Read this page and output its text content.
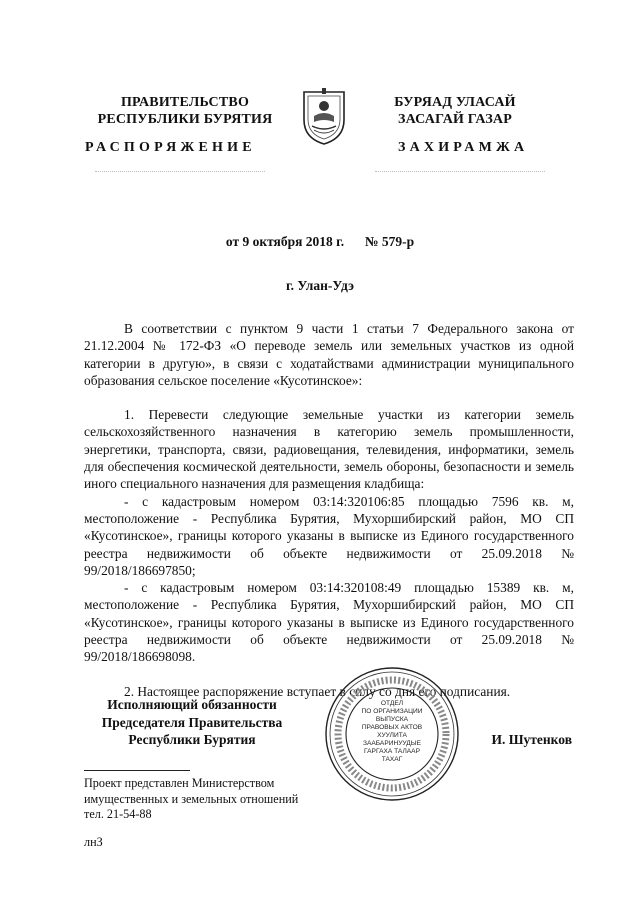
ПРАВИТЕЛЬСТВО
РЕСПУБЛИКИ БУРЯТИЯ
БУРЯАД УЛАСАЙ
ЗАСАГАЙ ГАЗАР
РАСПОРЯЖЕНИЕ	ЗАХИРАМЖА
от 9 октября 2018 г. № 579-р
г. Улан-Удэ

В соответствии с пунктом 9 части 1 статьи 7 Федерального закона от 21.12.2004 № 172-ФЗ «О переводе земель или земельных участков из одной категории в другую», в связи с ходатайствами администрации муниципального образования сельское поселение «Кусотинское»:

1. Перевести следующие земельные участки из категории земель сельскохозяйственного назначения в категорию земель промышленности, энергетики, транспорта, связи, радиовещания, телевидения, информатики, земель для обеспечения космической деятельности, земель обороны, безопасности и земель иного специального назначения для размещения кладбища:

- с кадастровым номером 03:14:320106:85 площадью 7596 кв. м, местоположение - Республика Бурятия, Мухоршибирский район, МО СП «Кусотинское», границы которого указаны в выписке из Единого государственного реестра недвижимости об объекте недвижимости от 25.09.2018 № 99/2018/186697850;

- с кадастровым номером 03:14:320108:49 площадью 15389 кв. м, местоположение - Республика Бурятия, Мухоршибирский район, МО СП «Кусотинское», границы которого указаны в выписке из Единого государственного реестра недвижимости об объекте недвижимости от 25.09.2018 № 99/2018/186698098.

2. Настоящее распоряжение вступает в силу со дня его подписания.

Исполняющий обязанности
Председателя Правительства
Республики Бурятия
ОТДЕЛ
ПО ОРГАНИЗАЦИИ
ВЫПУСКА
ПРАВОВЫХ АКТОВ
ХУУЛИТА
ЗААБАРИНУУДЫЕ
ГАРГАХА ТАЛААР
ТАХАГ
И. Шутенков
Проект представлен Министерством
имущественных и земельных отношений
тел. 21-54-88
лнЗ
